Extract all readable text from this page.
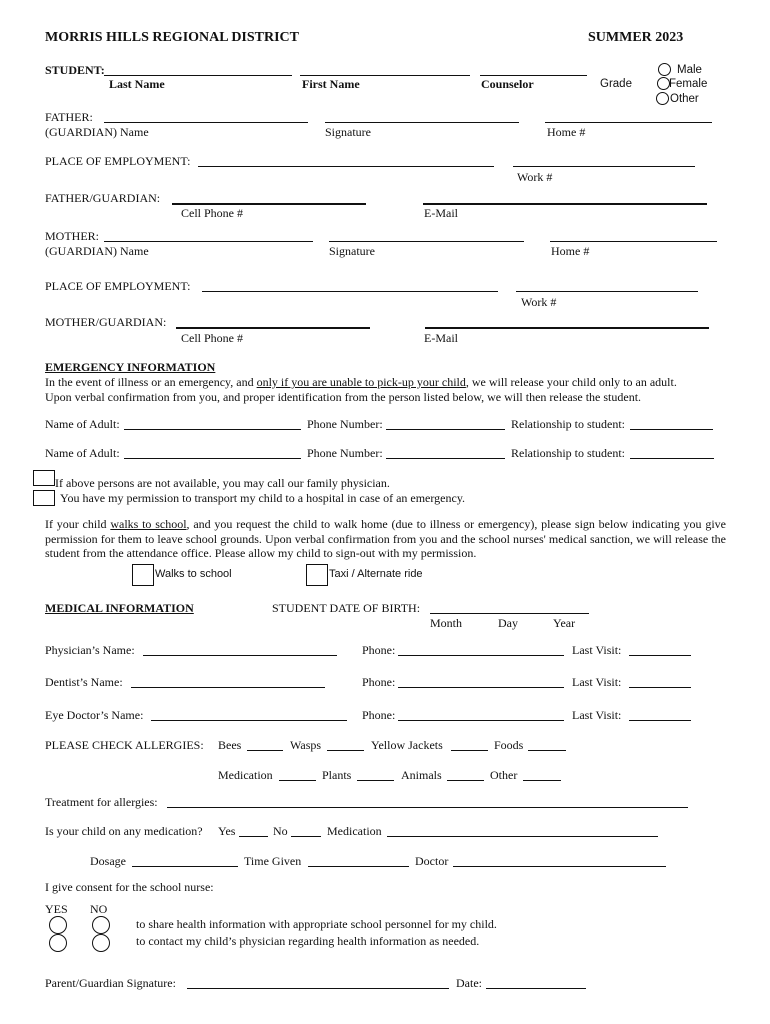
MORRIS HILLS REGIONAL DISTRICT	SUMMER 2023
STUDENT:
Last Name	First Name	Counselor	Grade
Male
Female
Other
FATHER:
(GUARDIAN) Name	Signature	Home #
PLACE OF EMPLOYMENT:
Work #
FATHER/GUARDIAN:
Cell Phone #	E-Mail
MOTHER:
(GUARDIAN) Name	Signature	Home #
PLACE OF EMPLOYMENT:
Work #
MOTHER/GUARDIAN:
Cell Phone #	E-Mail
EMERGENCY INFORMATION
In the event of illness or an emergency, and only if you are unable to pick-up your child, we will release your child only to an adult.
Upon verbal confirmation from you, and proper identification from the person listed below, we will then release the student.
Name of Adult:	Phone Number:	Relationship to student:
Name of Adult:	Phone Number:	Relationship to student:
If above persons are not available, you may call our family physician.
You have my permission to transport my child to a hospital in case of an emergency.
If your child walks to school, and you request the child to walk home (due to illness or emergency), please sign below indicating you give permission for them to leave school grounds. Upon verbal confirmation from you and the school nurses' medical sanction, we will release the student from the attendance office. Please allow my child to sign-out with my permission.
Walks to school	Taxi / Alternate ride
MEDICAL INFORMATION	STUDENT DATE OF BIRTH:
Month	Day	Year
Physician’s Name:	Phone:	Last Visit:
Dentist’s Name:	Phone:	Last Visit:
Eye Doctor’s Name:	Phone:	Last Visit:
PLEASE CHECK ALLERGIES: Bees	Wasps	Yellow Jackets	Foods
Medication	Plants	Animals	Other
Treatment for allergies:
Is your child on any medication? Yes	No	Medication
Dosage	Time Given	Doctor
I give consent for the school nurse:
YES NO
to share health information with appropriate school personnel for my child.
to contact my child’s physician regarding health information as needed.
Parent/Guardian Signature:	Date:
